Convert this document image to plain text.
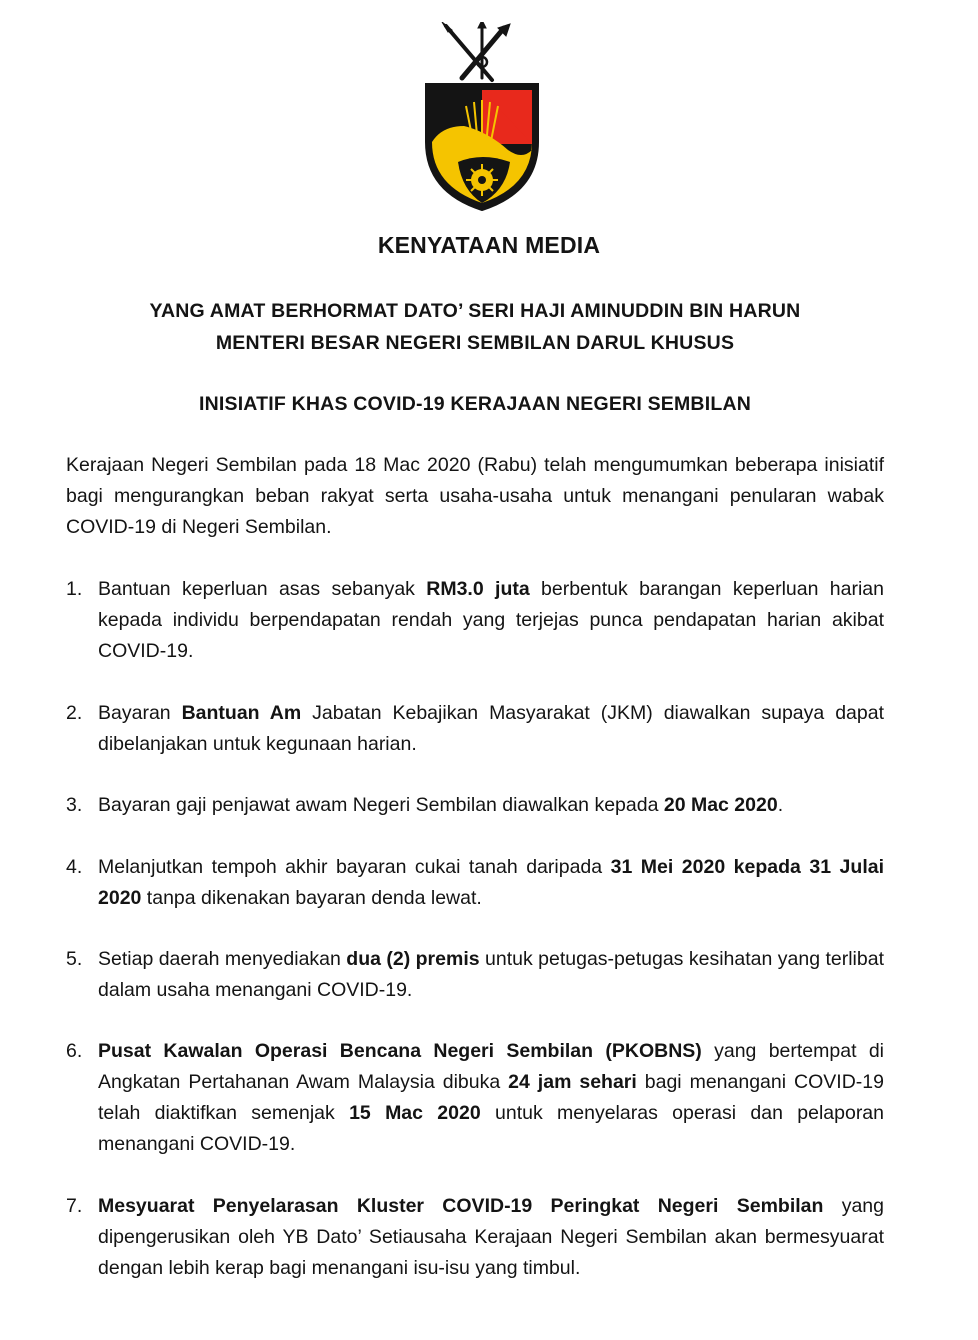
KENYATAAN MEDIA
YANG AMAT BERHORMAT DATO’ SERI HAJI AMINUDDIN BIN HARUN
MENTERI BESAR NEGERI SEMBILAN DARUL KHUSUS
INISIATIF KHAS COVID-19 KERAJAAN NEGERI SEMBILAN
Kerajaan Negeri Sembilan pada 18 Mac 2020 (Rabu) telah mengumumkan beberapa inisiatif bagi mengurangkan beban rakyat serta usaha-usaha untuk menangani penularan wabak COVID-19 di Negeri Sembilan.
1. Bantuan keperluan asas sebanyak RM3.0 juta berbentuk barangan keperluan harian kepada individu berpendapatan rendah yang terjejas punca pendapatan harian akibat COVID-19.
2. Bayaran Bantuan Am Jabatan Kebajikan Masyarakat (JKM) diawalkan supaya dapat dibelanjakan untuk kegunaan harian.
3. Bayaran gaji penjawat awam Negeri Sembilan diawalkan kepada 20 Mac 2020.
4. Melanjutkan tempoh akhir bayaran cukai tanah daripada 31 Mei 2020 kepada 31 Julai 2020 tanpa dikenakan bayaran denda lewat.
5. Setiap daerah menyediakan dua (2) premis untuk petugas-petugas kesihatan yang terlibat dalam usaha menangani COVID-19.
6. Pusat Kawalan Operasi Bencana Negeri Sembilan (PKOBNS) yang bertempat di Angkatan Pertahanan Awam Malaysia dibuka 24 jam sehari bagi menangani COVID-19 telah diaktifkan semenjak 15 Mac 2020 untuk menyelaras operasi dan pelaporan menangani COVID-19.
7. Mesyuarat Penyelarasan Kluster COVID-19 Peringkat Negeri Sembilan yang dipengerusikan oleh YB Dato’ Setiausaha Kerajaan Negeri Sembilan akan bermesyuarat dengan lebih kerap bagi menangani isu-isu yang timbul.
